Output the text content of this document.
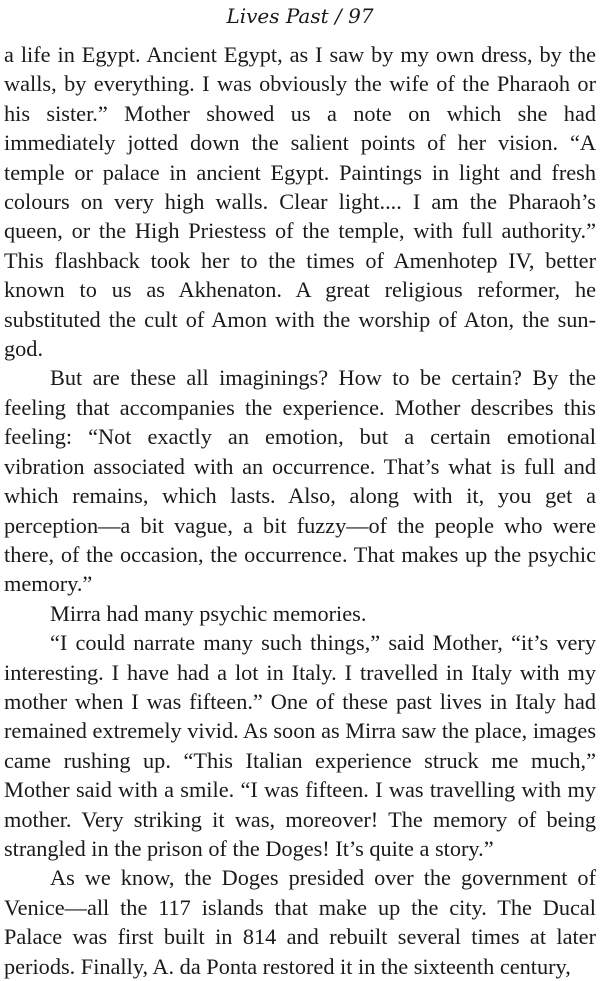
Lives Past / 97

a life in Egypt. Ancient Egypt, as I saw by my own dress, by the walls, by everything. I was obviously the wife of the Pharaoh or his sister.” Mother showed us a note on which she had immediately jotted down the salient points of her vision. “A temple or palace in ancient Egypt. Paintings in light and fresh colours on very high walls. Clear light.... I am the Pharaoh’s queen, or the High Priestess of the temple, with full authority.” This flashback took her to the times of Amenhotep IV, better known to us as Akhenaton. A great religious reformer, he substituted the cult of Amon with the worship of Aton, the sun-god.

But are these all imaginings? How to be certain? By the feeling that accompanies the experience. Mother describes this feeling: “Not exactly an emotion, but a certain emotional vibration associated with an occurrence. That’s what is full and which remains, which lasts. Also, along with it, you get a perception—a bit vague, a bit fuzzy—of the people who were there, of the occasion, the occurrence. That makes up the psychic memory.”

Mirra had many psychic memories.

“I could narrate many such things,” said Mother, “it’s very interesting. I have had a lot in Italy. I travelled in Italy with my mother when I was fifteen.” One of these past lives in Italy had remained extremely vivid. As soon as Mirra saw the place, images came rushing up. “This Italian experience struck me much,” Mother said with a smile. “I was fifteen. I was travelling with my mother. Very striking it was, moreover! The memory of being strangled in the prison of the Doges! It’s quite a story.”

As we know, the Doges presided over the government of Venice—all the 117 islands that make up the city. The Ducal Palace was first built in 814 and rebuilt several times at later periods. Finally, A. da Ponta restored it in the sixteenth century,
